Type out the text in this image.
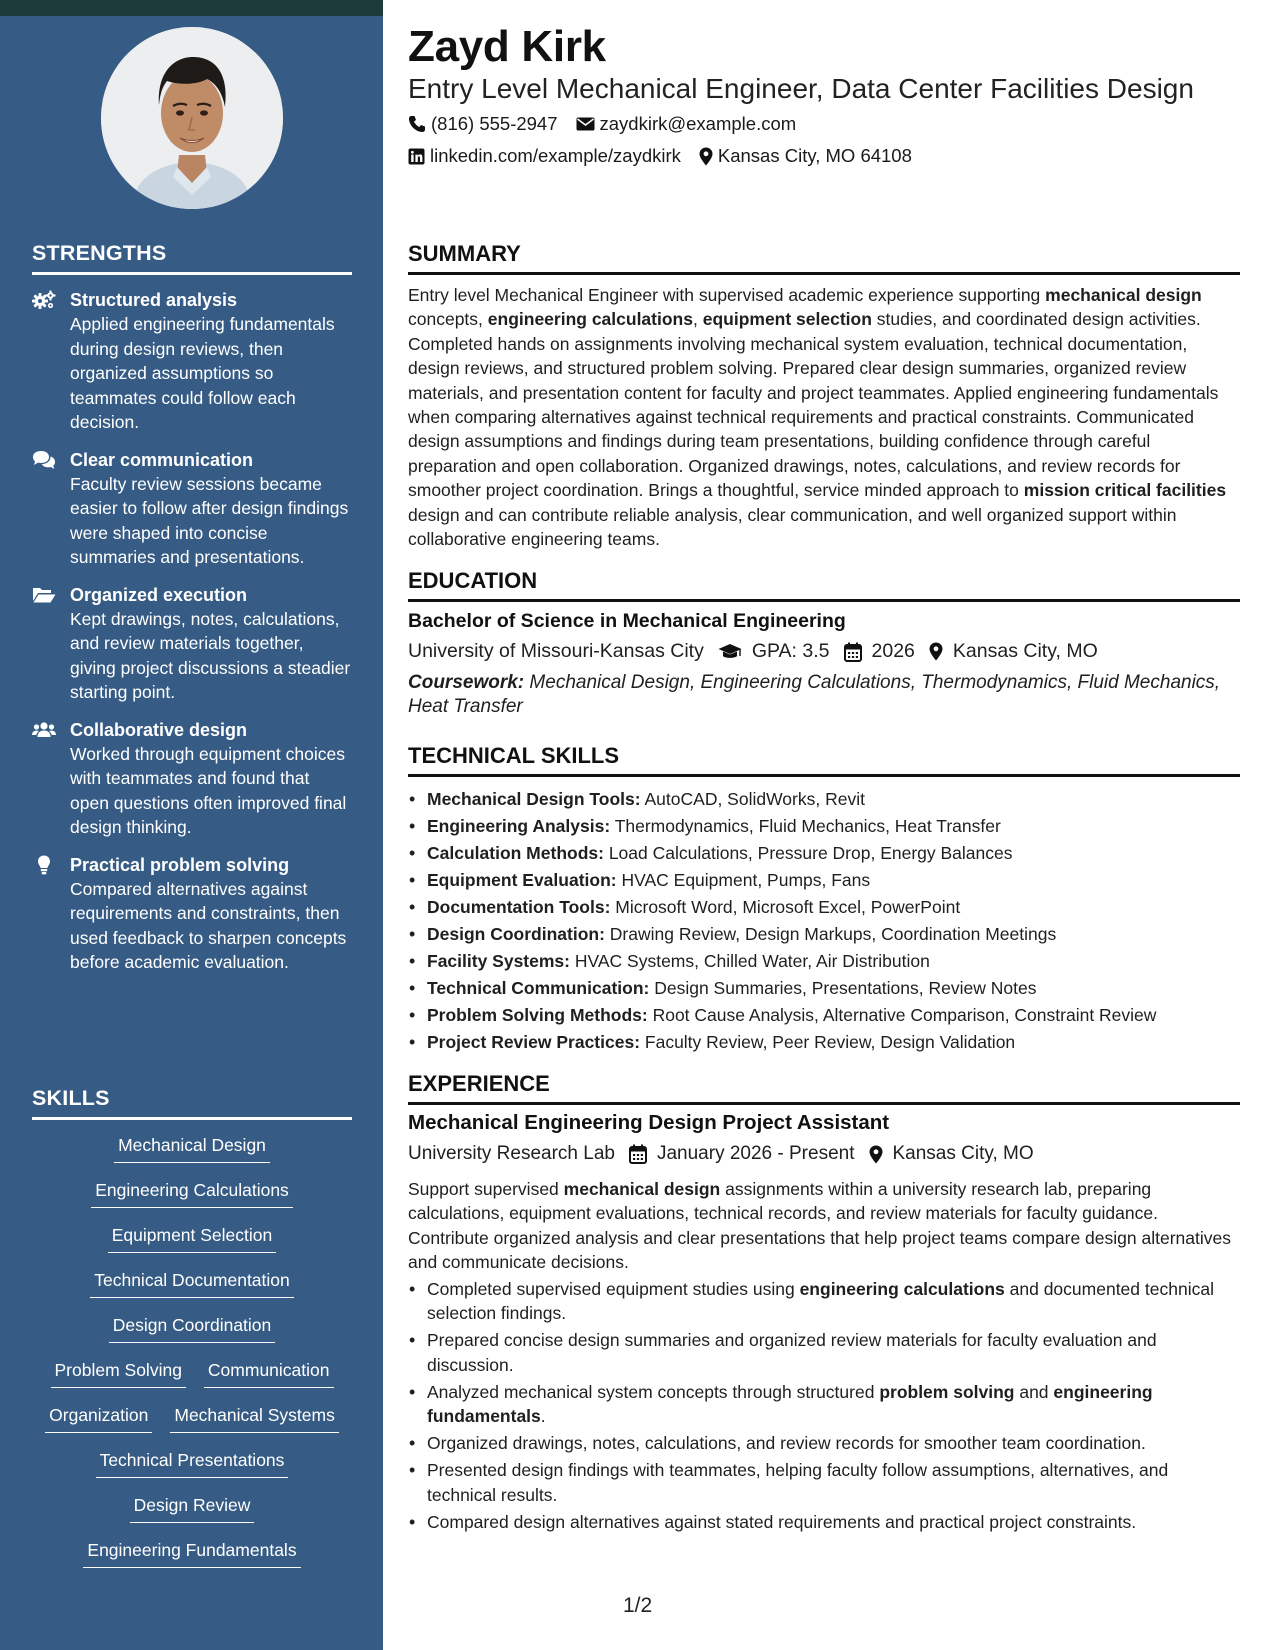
STRENGTHS
Structured analysis
Applied engineering fundamentals during design reviews, then organized assumptions so teammates could follow each decision.
Clear communication
Faculty review sessions became easier to follow after design findings were shaped into concise summaries and presentations.
Organized execution
Kept drawings, notes, calculations, and review materials together, giving project discussions a steadier starting point.
Collaborative design
Worked through equipment choices with teammates and found that open questions often improved final design thinking.
Practical problem solving
Compared alternatives against requirements and constraints, then used feedback to sharpen concepts before academic evaluation.
SKILLS
Mechanical Design
Engineering Calculations
Equipment Selection
Technical Documentation
Design Coordination
Problem Solving Communication
Organization Mechanical Systems
Technical Presentations
Design Review
Engineering Fundamentals
Zayd Kirk
Entry Level Mechanical Engineer, Data Center Facilities Design
(816) 555-2947 zaydkirk@example.com
linkedin.com/example/zaydkirk Kansas City, MO 64108
SUMMARY

Entry level Mechanical Engineer with supervised academic experience supporting mechanical design concepts, engineering calculations, equipment selection studies, and coordinated design activities. Completed hands on assignments involving mechanical system evaluation, technical documentation, design reviews, and structured problem solving. Prepared clear design summaries, organized review materials, and presentation content for faculty and project teammates. Applied engineering fundamentals when comparing alternatives against technical requirements and practical constraints. Communicated design assumptions and findings during team presentations, building confidence through careful preparation and open collaboration. Organized drawings, notes, calculations, and review records for smoother project coordination. Brings a thoughtful, service minded approach to mission critical facilities design and can contribute reliable analysis, clear communication, and well organized support within collaborative engineering teams.

EDUCATION
Bachelor of Science in Mechanical Engineering
University of Missouri-Kansas City GPA: 3.5 2026 Kansas City, MO
Coursework: Mechanical Design, Engineering Calculations, Thermodynamics, Fluid Mechanics, Heat Transfer
TECHNICAL SKILLS
• Mechanical Design Tools: AutoCAD, SolidWorks, Revit
• Engineering Analysis: Thermodynamics, Fluid Mechanics, Heat Transfer
• Calculation Methods: Load Calculations, Pressure Drop, Energy Balances
• Equipment Evaluation: HVAC Equipment, Pumps, Fans
• Documentation Tools: Microsoft Word, Microsoft Excel, PowerPoint
• Design Coordination: Drawing Review, Design Markups, Coordination Meetings
• Facility Systems: HVAC Systems, Chilled Water, Air Distribution
• Technical Communication: Design Summaries, Presentations, Review Notes
• Problem Solving Methods: Root Cause Analysis, Alternative Comparison, Constraint Review
• Project Review Practices: Faculty Review, Peer Review, Design Validation
EXPERIENCE
Mechanical Engineering Design Project Assistant
University Research Lab January 2026 - Present Kansas City, MO

Support supervised mechanical design assignments within a university research lab, preparing calculations, equipment evaluations, technical records, and review materials for faculty guidance. Contribute organized analysis and clear presentations that help project teams compare design alternatives and communicate decisions.

• Completed supervised equipment studies using engineering calculations and documented technical selection findings.
• Prepared concise design summaries and organized review materials for faculty evaluation and discussion.
• Analyzed mechanical system concepts through structured problem solving and engineering fundamentals.
• Organized drawings, notes, calculations, and review records for smoother team coordination.
• Presented design findings with teammates, helping faculty follow assumptions, alternatives, and technical results.
• Compared design alternatives against stated requirements and practical project constraints.
1/2
